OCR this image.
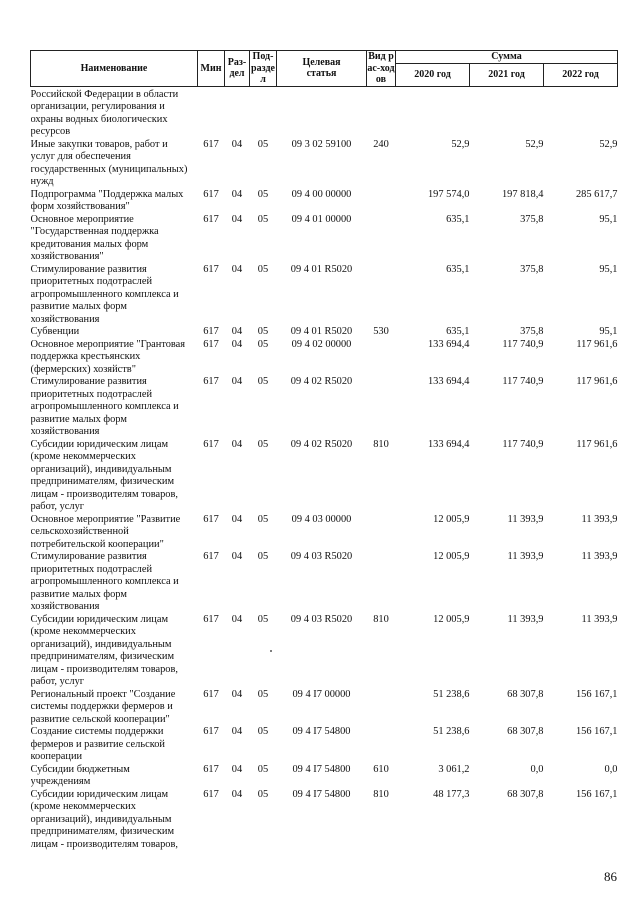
Наименование	Мин	Раз-дел	Под-раздел	Целевая статья	Вид рас-ходов	Сумма		
						2020 год	2021 год	2022 год
Российской Федерации в области организации, регулирования и охраны водных биологических ресурсов								
Иные закупки товаров, работ и услуг для обеспечения государственных (муниципальных) нужд	617	04	05	09 3 02 59100	240	52,9	52,9	52,9
Подпрограмма "Поддержка малых форм хозяйствования"	617	04	05	09 4 00 00000		197 574,0	197 818,4	285 617,7
Основное мероприятие "Государственная поддержка кредитования малых форм хозяйствования"	617	04	05	09 4 01 00000		635,1	375,8	95,1
Стимулирование развития приоритетных подотраслей агропромышленного комплекса и развитие малых форм хозяйствования	617	04	05	09 4 01 R5020		635,1	375,8	95,1
Субвенции	617	04	05	09 4 01 R5020	530	635,1	375,8	95,1
Основное мероприятие "Грантовая поддержка крестьянских (фермерских) хозяйств"	617	04	05	09 4 02 00000		133 694,4	117 740,9	117 961,6
Стимулирование развития приоритетных подотраслей агропромышленного комплекса и развитие малых форм хозяйствования	617	04	05	09 4 02 R5020		133 694,4	117 740,9	117 961,6
Субсидии юридическим лицам (кроме некоммерческих организаций), индивидуальным предпринимателям, физическим лицам - производителям товаров, работ, услуг	617	04	05	09 4 02 R5020	810	133 694,4	117 740,9	117 961,6
Основное мероприятие "Развитие сельскохозяйственной потребительской кооперации"	617	04	05	09 4 03 00000		12 005,9	11 393,9	11 393,9
Стимулирование развития приоритетных подотраслей агропромышленного комплекса и развитие малых форм хозяйствования	617	04	05	09 4 03 R5020		12 005,9	11 393,9	11 393,9
Субсидии юридическим лицам (кроме некоммерческих организаций), индивидуальным предпринимателям, физическим лицам - производителям товаров, работ, услуг	617	04	05	09 4 03 R5020	810	12 005,9	11 393,9	11 393,9
Региональный проект "Создание системы поддержки фермеров и развитие сельской кооперации"	617	04	05	09 4 I7 00000		51 238,6	68 307,8	156 167,1
Создание системы поддержки фермеров и развитие сельской кооперации	617	04	05	09 4 I7 54800		51 238,6	68 307,8	156 167,1
Субсидии бюджетным учреждениям	617	04	05	09 4 I7 54800	610	3 061,2	0,0	0,0
Субсидии юридическим лицам (кроме некоммерческих организаций), индивидуальным предпринимателям, физическим лицам - производителям товаров,	617	04	05	09 4 I7 54800	810	48 177,3	68 307,8	156 167,1
86
